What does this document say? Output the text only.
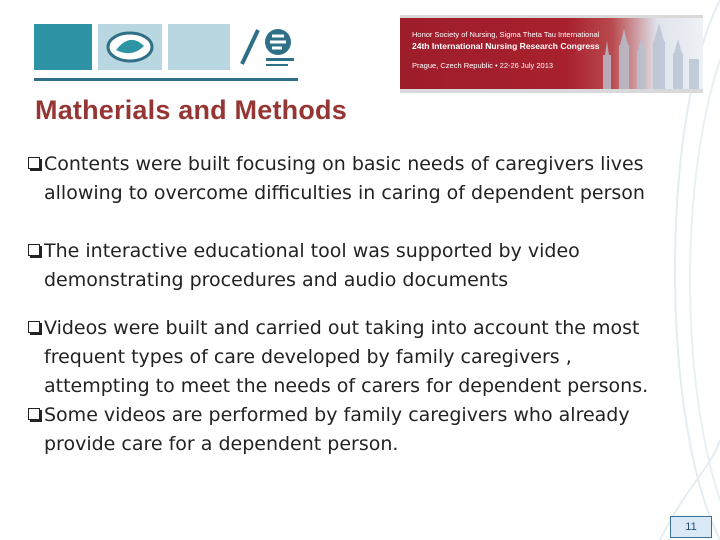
Honor Society of Nursing, Sigma Theta Tau International
24th International Nursing Research Congress
Prague, Czech Republic • 22-26 July 2013
Matherials and Methods
Contents were built focusing on basic needs of caregivers lives allowing to overcome difficulties in caring of dependent person
The interactive educational tool was supported by video demonstrating procedures and audio documents
Videos were built and carried out taking into account the most frequent types of care developed by family caregivers , attempting to meet the needs of carers for dependent persons.
Some videos are performed by family caregivers who already provide care for a dependent person.
11
